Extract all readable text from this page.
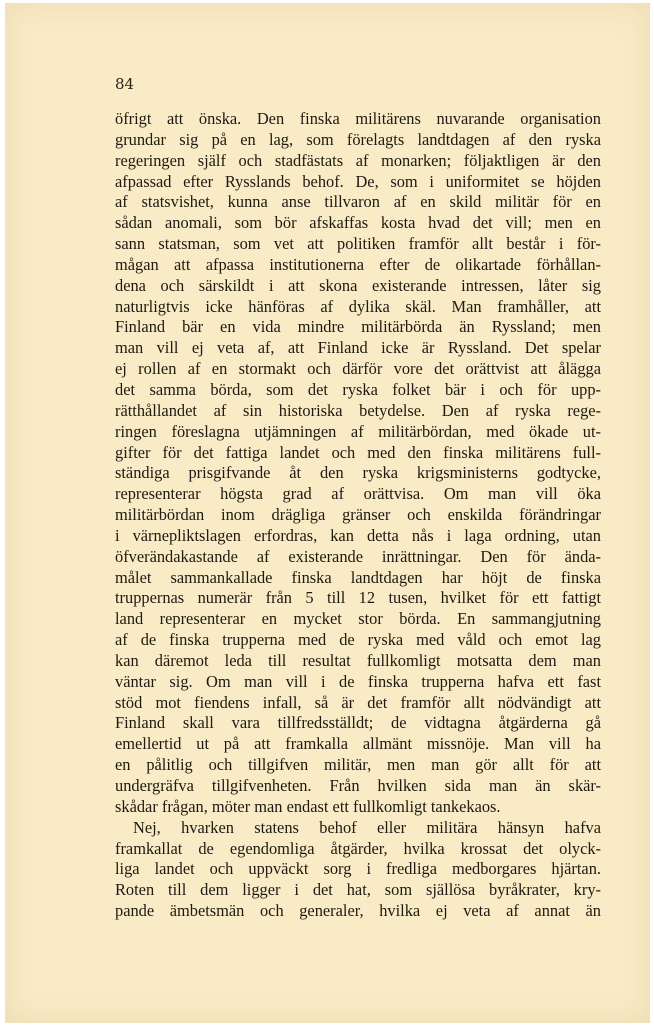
84
öfrigt att önska. Den finska militärens nuvarande organisation
grundar sig på en lag, som förelagts landtdagen af den ryska
regeringen själf och stadfästats af monarken; följaktligen är den
afpassad efter Rysslands behof. De, som i uniformitet se höjden
af statsvishet, kunna anse tillvaron af en skild militär för en
sådan anomali, som bör afskaffas kosta hvad det vill; men en
sann statsman, som vet att politiken framför allt består i för-
mågan att afpassa institutionerna efter de olikartade förhållan-
dena och särskildt i att skona existerande intressen, låter sig
naturligtvis icke hänföras af dylika skäl. Man framhåller, att
Finland bär en vida mindre militärbörda än Ryssland; men
man vill ej veta af, att Finland icke är Ryssland. Det spelar
ej rollen af en stormakt och därför vore det orättvist att ålägga
det samma börda, som det ryska folket bär i och för upp-
rätthållandet af sin historiska betydelse. Den af ryska rege-
ringen föreslagna utjämningen af militärbördan, med ökade ut-
gifter för det fattiga landet och med den finska militärens full-
ständiga prisgifvande åt den ryska krigsministerns godtycke,
representerar högsta grad af orättvisa. Om man vill öka
militärbördan inom drägliga gränser och enskilda förändringar
i värnepliktslagen erfordras, kan detta nås i laga ordning, utan
öfverändakastande af existerande inrättningar. Den för ända-
målet sammankallade finska landtdagen har höjt de finska
truppernas numerär från 5 till 12 tusen, hvilket för ett fattigt
land representerar en mycket stor börda. En sammangjutning
af de finska trupperna med de ryska med våld och emot lag
kan däremot leda till resultat fullkomligt motsatta dem man
väntar sig. Om man vill i de finska trupperna hafva ett fast
stöd mot fiendens infall, så är det framför allt nödvändigt att
Finland skall vara tillfredsställdt; de vidtagna åtgärderna gå
emellertid ut på att framkalla allmänt missnöje. Man vill ha
en pålitlig och tillgifven militär, men man gör allt för att
undergräfva tillgifvenheten. Från hvilken sida man än skär-
skådar frågan, möter man endast ett fullkomligt tankekaos.
Nej, hvarken statens behof eller militära hänsyn hafva
framkallat de egendomliga åtgärder, hvilka krossat det olyck-
liga landet och uppväckt sorg i fredliga medborgares hjärtan.
Roten till dem ligger i det hat, som själlösa byråkrater, kry-
pande ämbetsmän och generaler, hvilka ej veta af annat än
